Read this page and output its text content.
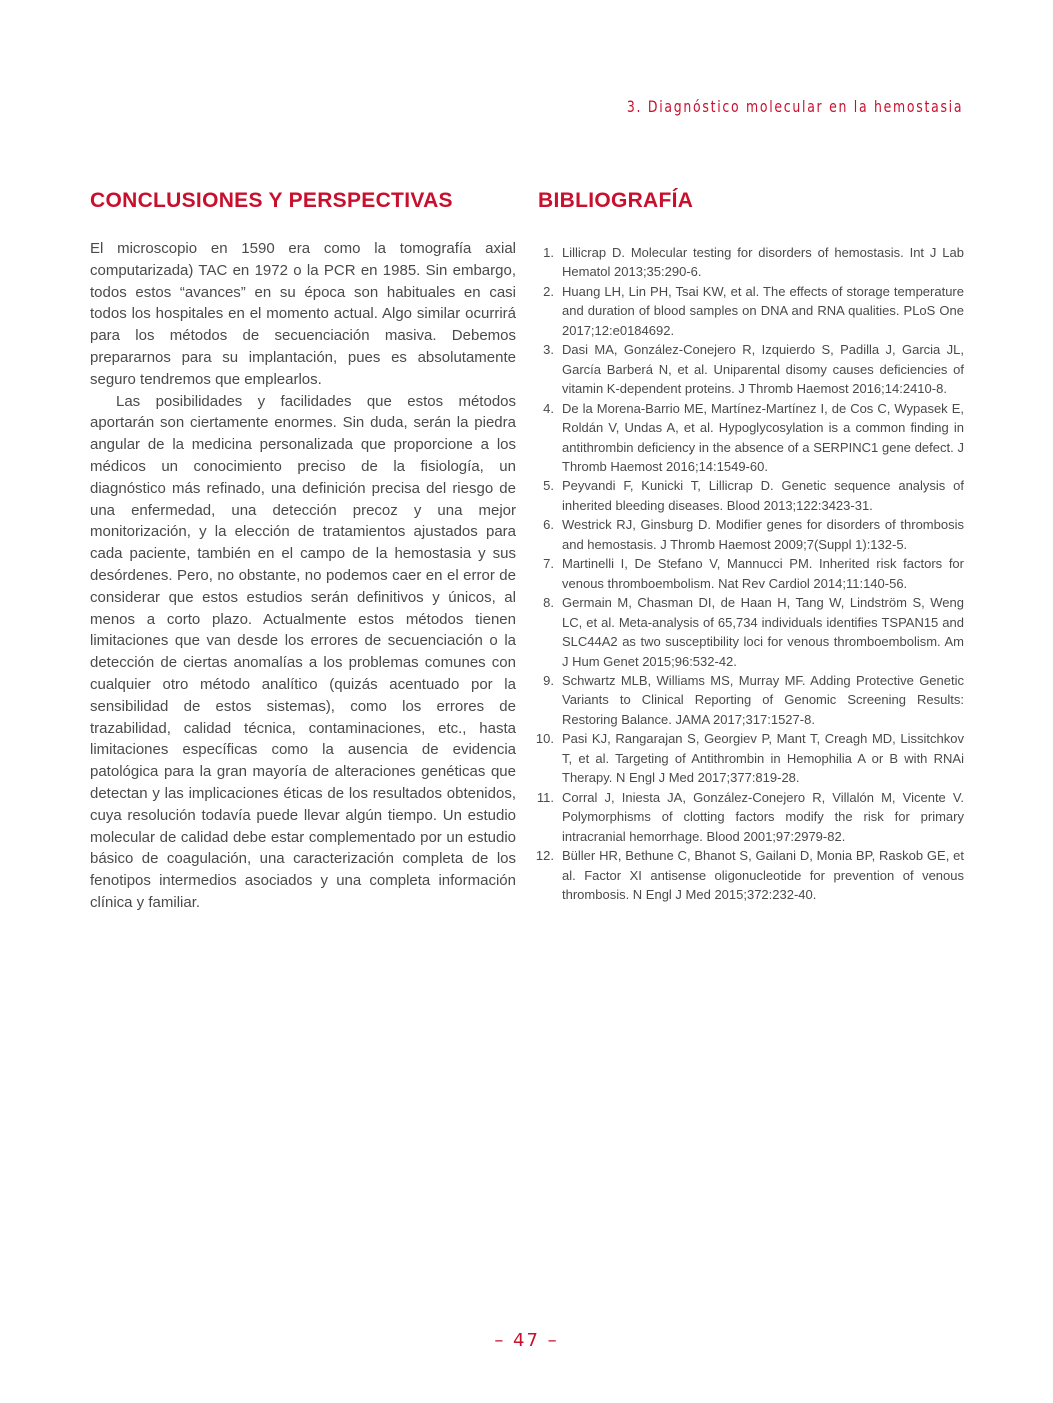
3. Diagnóstico molecular en la hemostasia
CONCLUSIONES Y PERSPECTIVAS

El microscopio en 1590 era como la tomografía axial computarizada) TAC en 1972 o la PCR en 1985. Sin embargo, todos estos “avances” en su época son habituales en casi todos los hospitales en el momento actual. Algo similar ocurrirá para los métodos de secuenciación masiva. Debemos prepararnos para su implantación, pues es absolutamente seguro tendremos que emplearlos.

Las posibilidades y facilidades que estos métodos aportarán son ciertamente enormes. Sin duda, serán la piedra angular de la medicina personalizada que proporcione a los médicos un conocimiento preciso de la fisiología, un diagnóstico más refinado, una definición precisa del riesgo de una enfermedad, una detección precoz y una mejor monitorización, y la elección de tratamientos ajustados para cada paciente, también en el campo de la hemostasia y sus desórdenes. Pero, no obstante, no podemos caer en el error de considerar que estos estudios serán definitivos y únicos, al menos a corto plazo. Actualmente estos métodos tienen limitaciones que van desde los errores de secuenciación o la detección de ciertas anomalías a los problemas comunes con cualquier otro método analítico (quizás acentuado por la sensibilidad de estos sistemas), como los errores de trazabilidad, calidad técnica, contaminaciones, etc., hasta limitaciones específicas como la ausencia de evidencia patológica para la gran mayoría de alteraciones genéticas que detectan y las implicaciones éticas de los resultados obtenidos, cuya resolución todavía puede llevar algún tiempo. Un estudio molecular de calidad debe estar complementado por un estudio básico de coagulación, una caracterización completa de los fenotipos intermedios asociados y una completa información clínica y familiar.

BIBLIOGRAFÍA
1. Lillicrap D. Molecular testing for disorders of hemostasis. Int J Lab Hematol 2013;35:290-6.
2. Huang LH, Lin PH, Tsai KW, et al. The effects of storage temperature and duration of blood samples on DNA and RNA qualities. PLoS One 2017;12:e0184692.
3. Dasi MA, González-Conejero R, Izquierdo S, Padilla J, Garcia JL, García Barberá N, et al. Uniparental disomy causes deficiencies of vitamin K-dependent proteins. J Thromb Haemost 2016;14:2410-8.
4. De la Morena-Barrio ME, Martínez-Martínez I, de Cos C, Wypasek E, Roldán V, Undas A, et al. Hypoglycosylation is a common finding in antithrombin deficiency in the absence of a SERPINC1 gene defect. J Thromb Haemost 2016;14:1549-60.
5. Peyvandi F, Kunicki T, Lillicrap D. Genetic sequence analysis of inherited bleeding diseases. Blood 2013;122:3423-31.
6. Westrick RJ, Ginsburg D. Modifier genes for disorders of thrombosis and hemostasis. J Thromb Haemost 2009;7(Suppl 1):132-5.
7. Martinelli I, De Stefano V, Mannucci PM. Inherited risk factors for venous thromboembolism. Nat Rev Cardiol 2014;11:140-56.
8. Germain M, Chasman DI, de Haan H, Tang W, Lindström S, Weng LC, et al. Meta-analysis of 65,734 individuals identifies TSPAN15 and SLC44A2 as two susceptibility loci for venous thromboembolism. Am J Hum Genet 2015;96:532-42.
9. Schwartz MLB, Williams MS, Murray MF. Adding Protective Genetic Variants to Clinical Reporting of Genomic Screening Results: Restoring Balance. JAMA 2017;317:1527-8.
10. Pasi KJ, Rangarajan S, Georgiev P, Mant T, Creagh MD, Lissitchkov T, et al. Targeting of Antithrombin in Hemophilia A or B with RNAi Therapy. N Engl J Med 2017;377:819-28.
11. Corral J, Iniesta JA, González-Conejero R, Villalón M, Vicente V. Polymorphisms of clotting factors modify the risk for primary intracranial hemorrhage. Blood 2001;97:2979-82.
12. Büller HR, Bethune C, Bhanot S, Gailani D, Monia BP, Raskob GE, et al. Factor XI antisense oligonucleotide for prevention of venous thrombosis. N Engl J Med 2015;372:232-40.
– 47 –
